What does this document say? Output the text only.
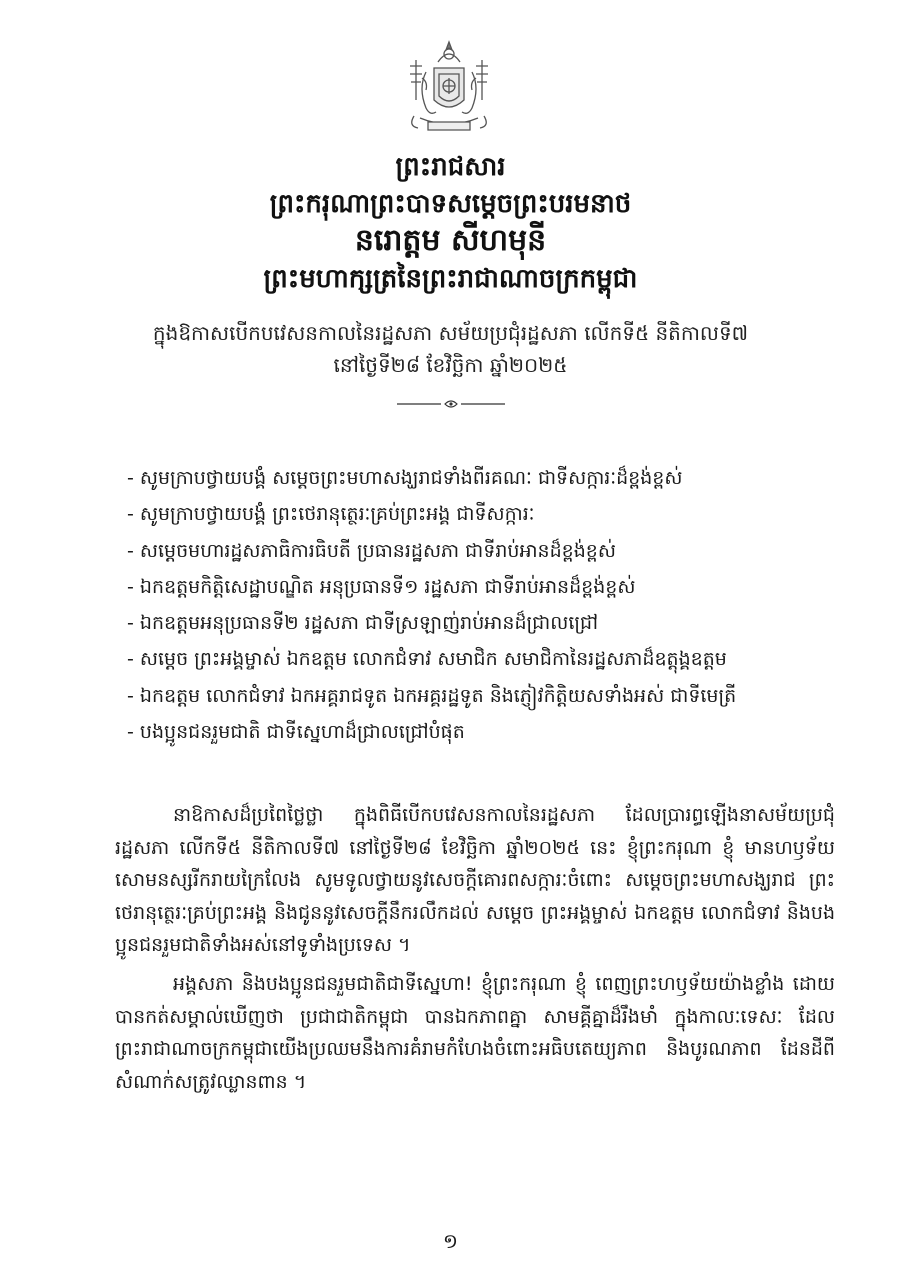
ព្រះរាជសារ
ព្រះករុណាព្រះបាទសម្តេចព្រះបរមនាថ
នរោត្តម សីហមុនី
ព្រះមហាក្សត្រនៃព្រះរាជាណាចក្រកម្ពុជា
ក្នុងឱកាសបើកបវេសនកាលនៃរដ្ឋសភា សម័យប្រជុំរដ្ឋសភា លើកទី៥ នីតិកាលទី៧
នៅថ្ងៃទី២៨ ខែវិច្ឆិកា ឆ្នាំ២០២៥
- សូមក្រាបថ្វាយបង្គំ សម្តេចព្រះមហាសង្ឃរាជទាំងពីរគណៈ ជាទីសក្ការៈដ៏ខ្ពង់ខ្ពស់
- សូមក្រាបថ្វាយបង្គំ ព្រះថេរានុត្ថេរៈគ្រប់ព្រះអង្គ ជាទីសក្ការៈ
- សម្តេចមហារដ្ឋសភាធិការធិបតី ប្រធានរដ្ឋសភា ជាទីរាប់អានដ៏ខ្ពង់ខ្ពស់
- ឯកឧត្តមកិត្តិសេដ្ឋាបណ្ឌិត អនុប្រធានទី១ រដ្ឋសភា ជាទីរាប់អានដ៏ខ្ពង់ខ្ពស់
- ឯកឧត្តមអនុប្រធានទី២ រដ្ឋសភា ជាទីស្រឡាញ់រាប់អានដ៏ជ្រាលជ្រៅ
- សម្តេច ព្រះអង្គម្ចាស់ ឯកឧត្តម លោកជំទាវ សមាជិក សមាជិកានៃរដ្ឋសភាដ៏ឧត្តុង្គឧត្តម
- ឯកឧត្តម លោកជំទាវ ឯកអគ្គរាជទូត ឯកអគ្គរដ្ឋទូត និងភ្ញៀវកិត្តិយសទាំងអស់ ជាទីមេត្រី
- បងប្អូនជនរួមជាតិ ជាទីស្នេហាដ៏ជ្រាលជ្រៅបំផុត
នាឱកាសដ៏ប្រពៃថ្លៃថ្លា ក្នុងពិធីបើកបវេសនកាលនៃរដ្ឋសភា ដែលប្រារព្ធឡើងនាសម័យប្រជុំរដ្ឋសភា លើកទី៥ នីតិកាលទី៧ នៅថ្ងៃទី២៨ ខែវិច្ឆិកា ឆ្នាំ២០២៥ នេះ ខ្ញុំព្រះករុណា ខ្ញុំ មានហឫទ័យសោមនស្សរីករាយក្រៃលែង សូមទូលថ្វាយនូវសេចក្តីគោរពសក្ការៈចំពោះ សម្តេចព្រះមហាសង្ឃរាជ ព្រះថេរានុត្ថេរៈគ្រប់ព្រះអង្គ និងជូននូវសេចក្តីនឹករលឹកដល់ សម្តេច ព្រះអង្គម្ចាស់ ឯកឧត្តម លោកជំទាវ និងបងប្អូនជនរួមជាតិទាំងអស់នៅទូទាំងប្រទេស ។
អង្គសភា និងបងប្អូនជនរួមជាតិជាទីស្នេហា! ខ្ញុំព្រះករុណា ខ្ញុំ ពេញព្រះហឫទ័យយ៉ាងខ្លាំង ដោយបានកត់សម្គាល់ឃើញថា ប្រជាជាតិកម្ពុជា បានឯកភាពគ្នា សាមគ្គីគ្នាដ៏រឹងមាំ ក្នុងកាលៈទេសៈ ដែលព្រះរាជាណាចក្រកម្ពុជាយើងប្រឈមនឹងការគំរាមកំហែងចំពោះអធិបតេយ្យភាព និងបូរណភាព ដែនដីពីសំណាក់សត្រូវឈ្លានពាន ។
១
